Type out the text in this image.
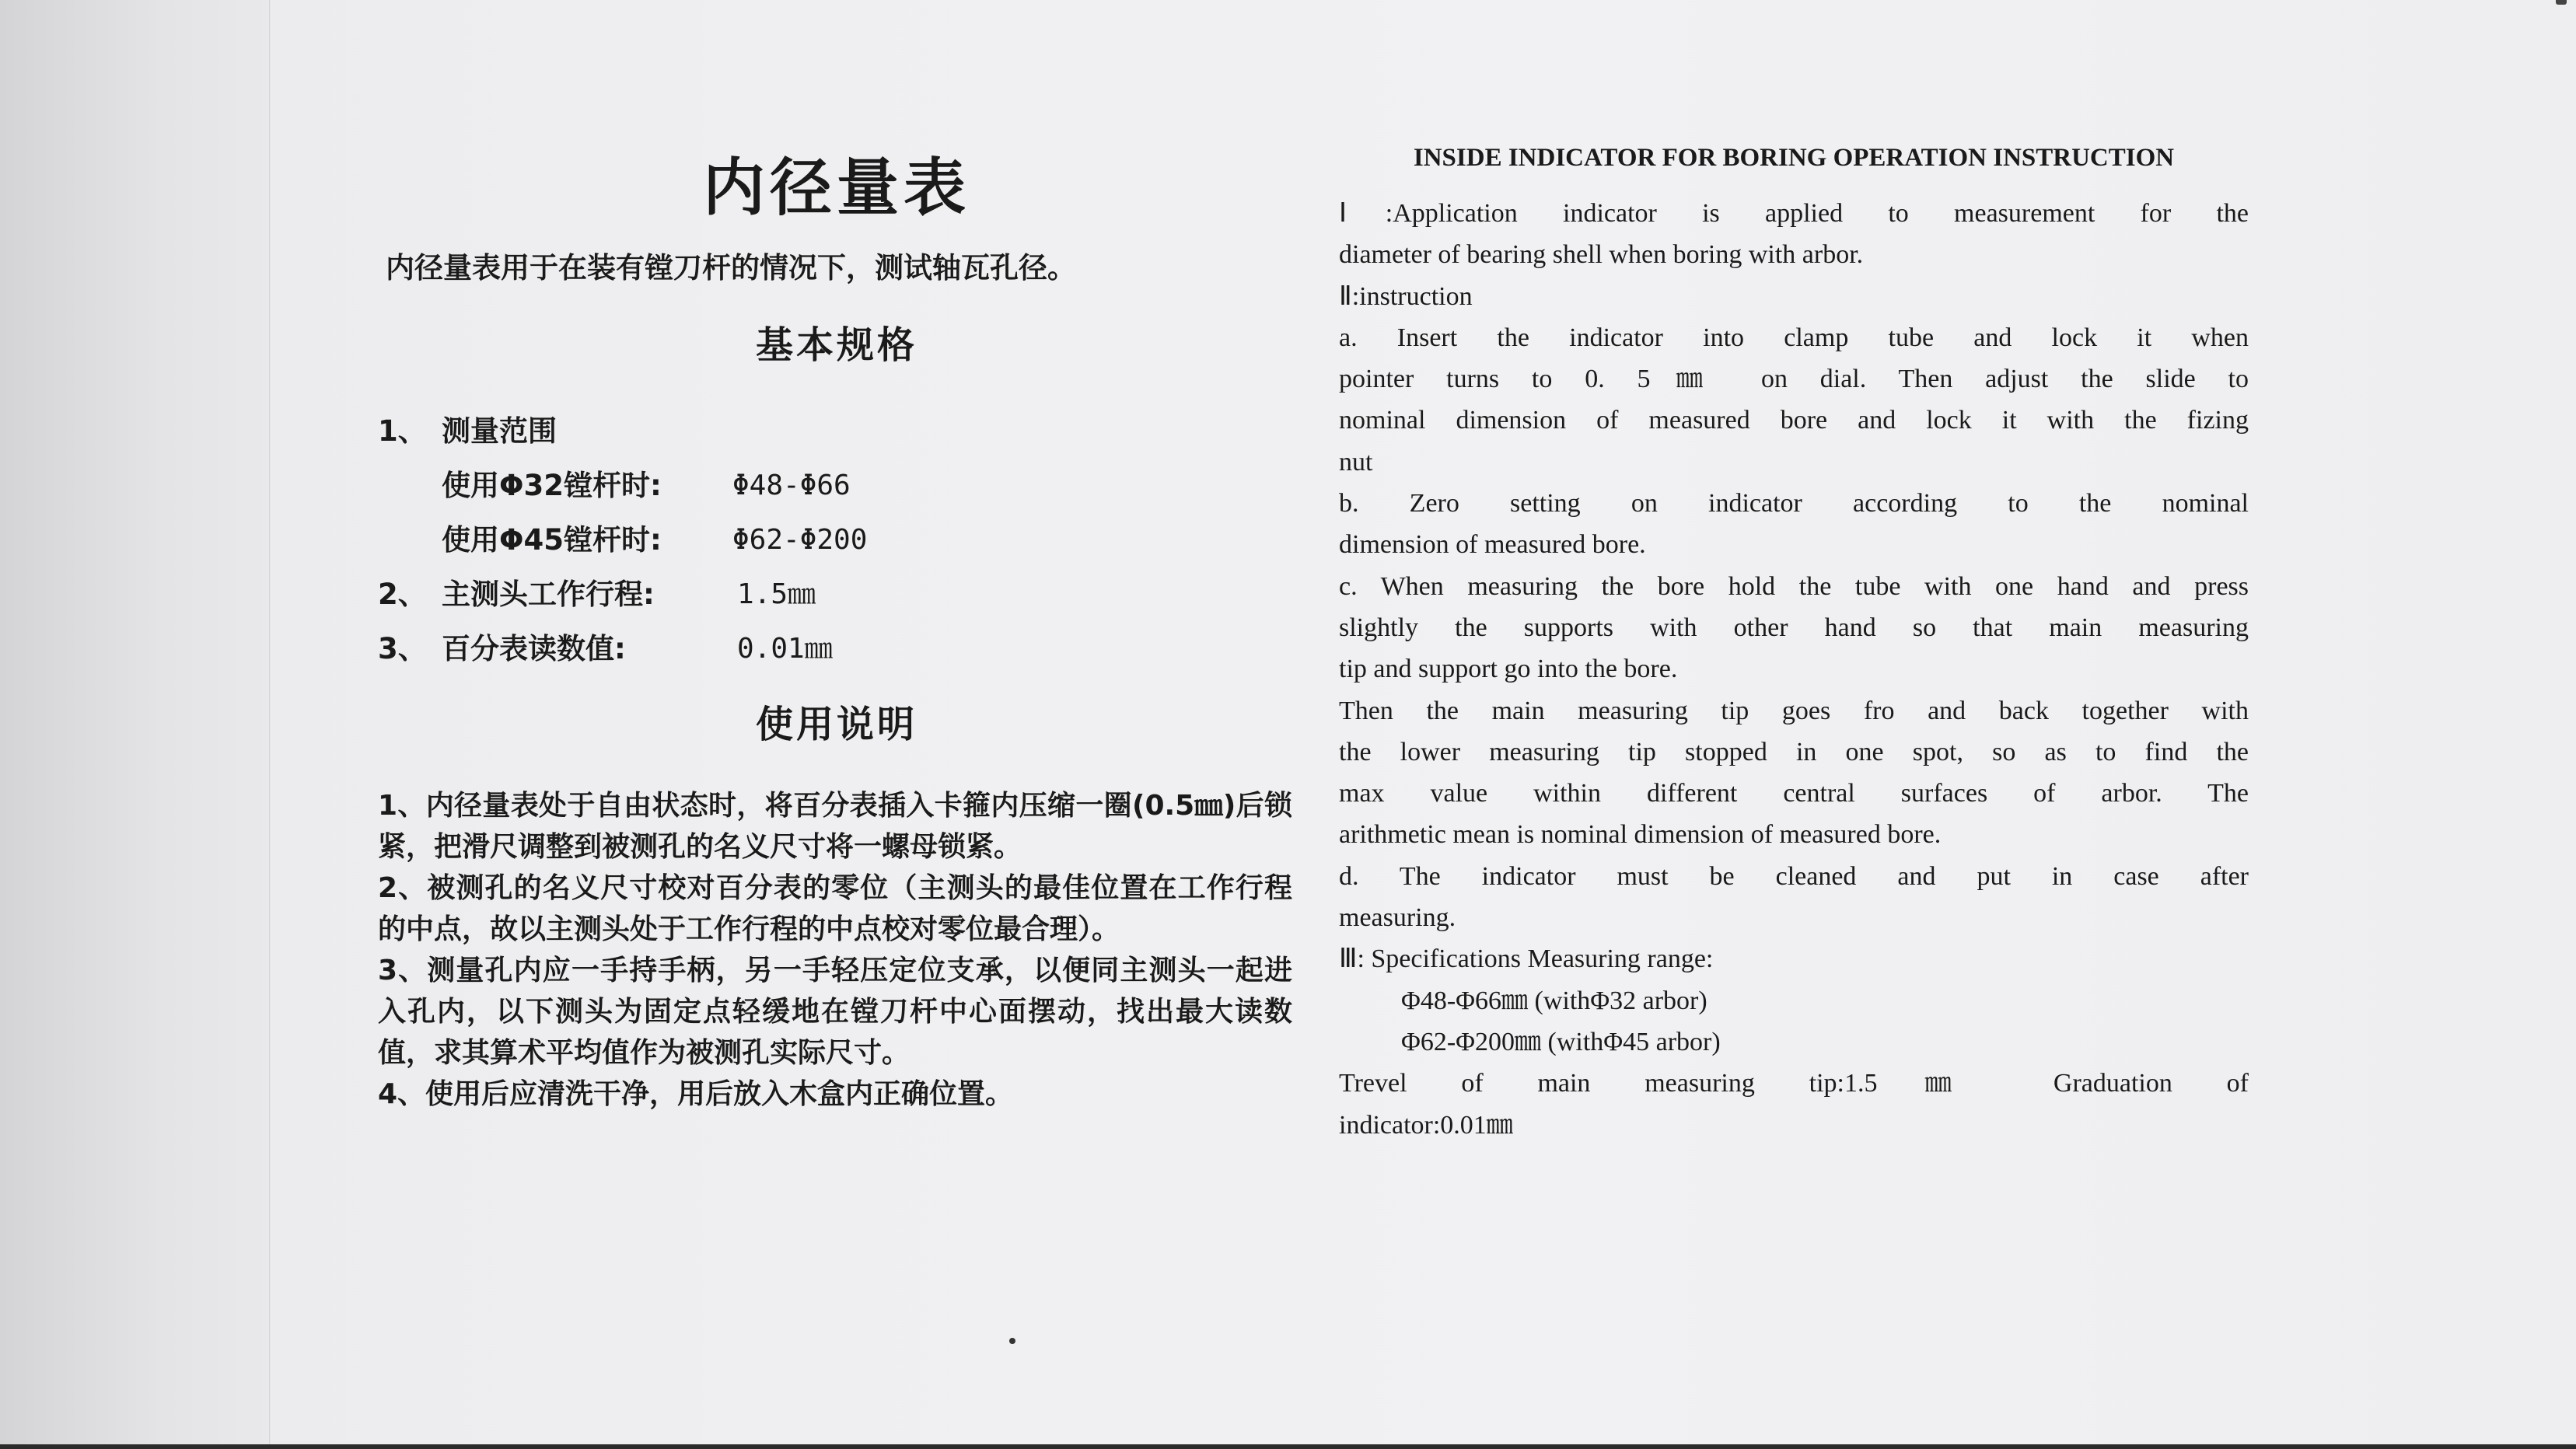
内径量表
内径量表用于在装有镗刀杆的情况下，测试轴瓦孔径。
基本规格
1、 测量范围
使用Φ32镗杆时:	Φ48-Φ66
使用Φ45镗杆时:	Φ62-Φ200
2、 主测头工作行程:	1.5㎜
3、 百分表读数值:	0.01㎜
使用说明
1、内径量表处于自由状态时，将百分表插入卡箍内压缩一圈(0.5㎜)后锁紧，把滑尺调整到被测孔的名义尺寸将一螺母锁紧。
2、被测孔的名义尺寸校对百分表的零位（主测头的最佳位置在工作行程的中点，故以主测头处于工作行程的中点校对零位最合理）。
3、测量孔内应一手持手柄，另一手轻压定位支承，以便同主测头一起进入孔内，以下测头为固定点轻缓地在镗刀杆中心面摆动，找出最大读数值，求其算术平均值作为被测孔实际尺寸。
4、使用后应清洗干净，用后放入木盒内正确位置。
INSIDE INDICATOR FOR BORING OPERATION INSTRUCTION
Ⅰ:Application indicator is applied to measurement for the
diameter of bearing shell when boring with arbor.
Ⅱ:instruction
a. Insert the indicator into clamp tube and lock it when
pointer turns to 0. 5㎜ on dial. Then adjust the slide to
nominal dimension of measured bore and lock it with the fizing
nut
b. Zero setting on indicator according to the nominal
dimension of measured bore.
c. When measuring the bore hold the tube with one hand and press
slightly the supports with other hand so that main measuring
tip and support go into the bore.
Then the main measuring tip goes fro and back together with
the lower measuring tip stopped in one spot, so as to find the
max value within different central surfaces of arbor. The
arithmetic mean is nominal dimension of measured bore.
d. The indicator must be cleaned and put in case after
measuring.
Ⅲ: Specifications Measuring range:
Φ48-Φ66㎜ (withΦ32 arbor)
Φ62-Φ200㎜ (withΦ45 arbor)
Trevel of main measuring tip:1.5㎜ Graduation of
indicator:0.01㎜
